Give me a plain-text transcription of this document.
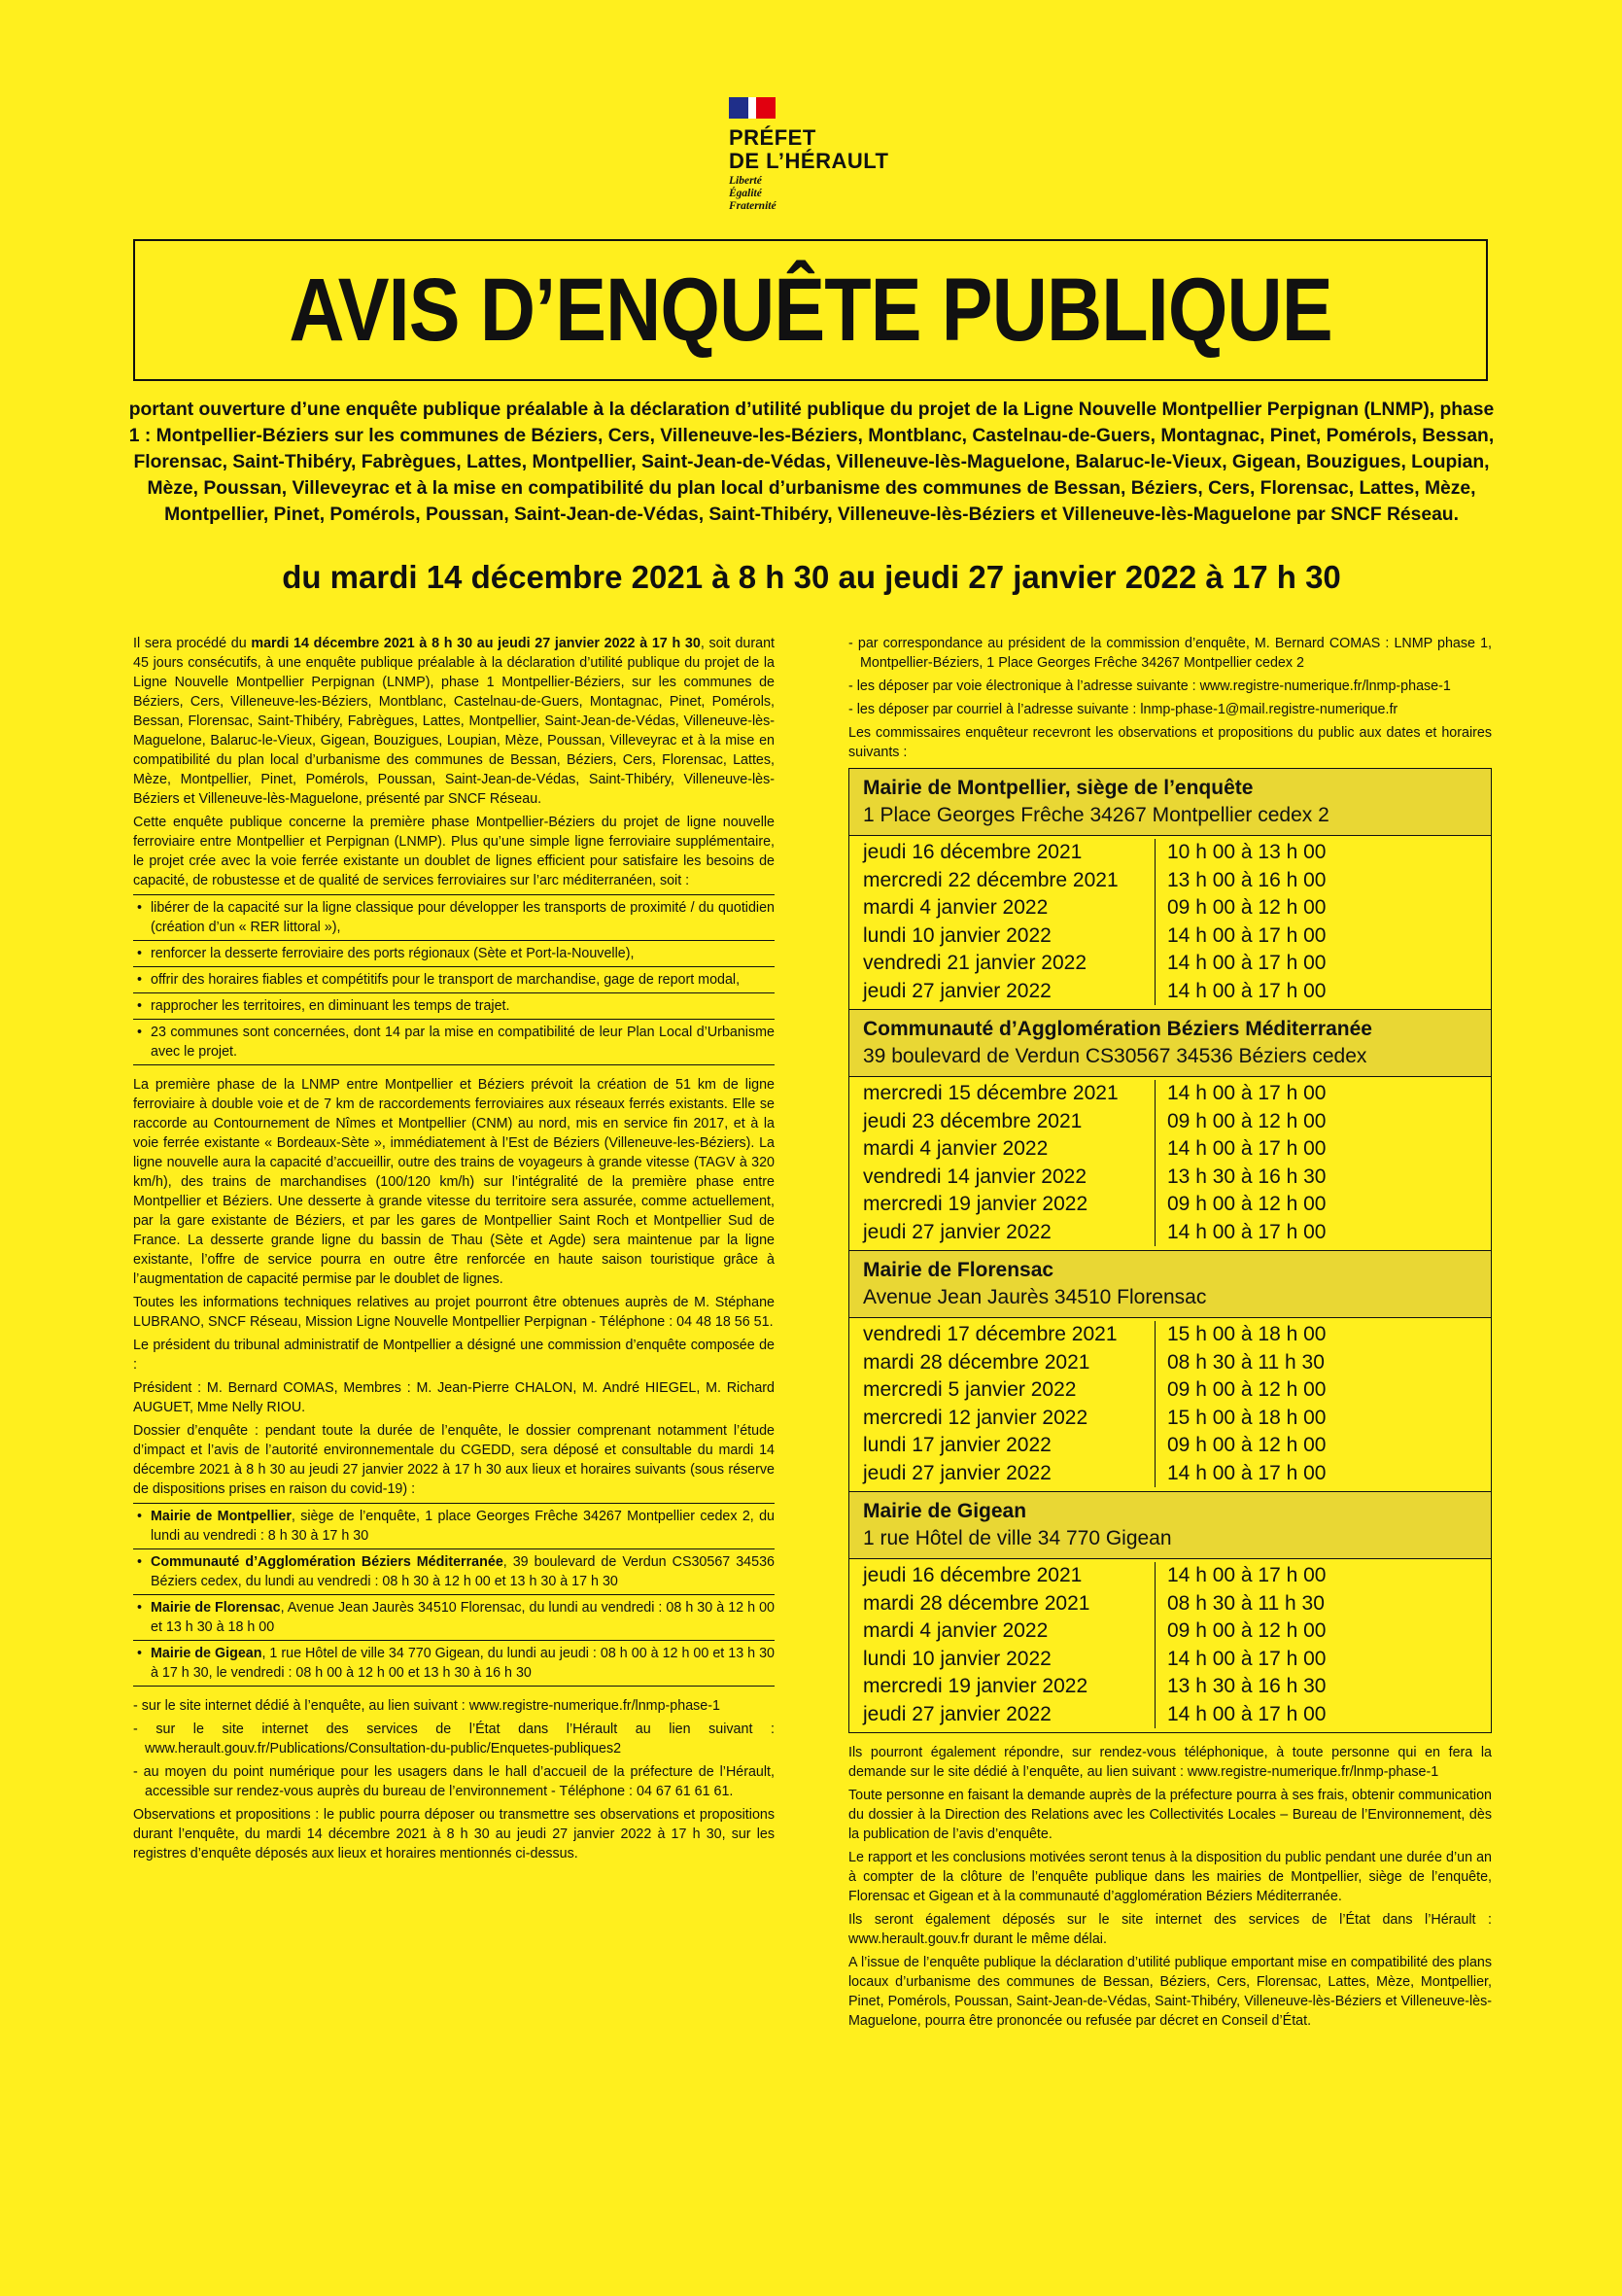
PRÉFET
DE L’HÉRAULT
Liberté
Égalité
Fraternité
AVIS D’ENQUÊTE PUBLIQUE
portant ouverture d’une enquête publique préalable à la déclaration d’utilité publique du projet de la Ligne Nouvelle Montpellier Perpignan (LNMP), phase 1 : Montpellier-Béziers sur les communes de Béziers, Cers, Villeneuve-les-Béziers, Montblanc, Castelnau-de-Guers, Montagnac, Pinet, Pomérols, Bessan, Florensac, Saint-Thibéry, Fabrègues, Lattes, Montpellier, Saint-Jean-de-Védas, Villeneuve-lès-Maguelone, Balaruc-le-Vieux, Gigean, Bouzigues, Loupian, Mèze, Poussan, Villeveyrac et à la mise en compatibilité du plan local d’urbanisme des communes de Bessan, Béziers, Cers, Florensac, Lattes, Mèze, Montpellier, Pinet, Pomérols, Poussan, Saint-Jean-de-Védas, Saint-Thibéry, Villeneuve-lès-Béziers et Villeneuve-lès-Maguelone par SNCF Réseau.
du mardi 14 décembre 2021 à 8 h 30 au jeudi 27 janvier 2022 à 17 h 30

Il sera procédé du mardi 14 décembre 2021 à 8 h 30 au jeudi 27 janvier 2022 à 17 h 30, soit durant 45 jours consécutifs, à une enquête publique préalable à la déclaration d’utilité publique du projet de la Ligne Nouvelle Montpellier Perpignan (LNMP), phase 1 Montpellier-Béziers, sur les communes de Béziers, Cers, Villeneuve-les-Béziers, Montblanc, Castelnau-de-Guers, Montagnac, Pinet, Pomérols, Bessan, Florensac, Saint-Thibéry, Fabrègues, Lattes, Montpellier, Saint-Jean-de-Védas, Villeneuve-lès-Maguelone, Balaruc-le-Vieux, Gigean, Bouzigues, Loupian, Mèze, Poussan, Villeveyrac et à la mise en compatibilité du plan local d’urbanisme des communes de Bessan, Béziers, Cers, Florensac, Lattes, Mèze, Montpellier, Pinet, Pomérols, Poussan, Saint-Jean-de-Védas, Saint-Thibéry, Villeneuve-lès-Béziers et Villeneuve-lès-Maguelone, présenté par SNCF Réseau.

Cette enquête publique concerne la première phase Montpellier-Béziers du projet de ligne nouvelle ferroviaire entre Montpellier et Perpignan (LNMP). Plus qu’une simple ligne ferroviaire supplémentaire, le projet crée avec la voie ferrée existante un doublet de lignes efficient pour satisfaire les besoins de capacité, de robustesse et de qualité de services ferroviaires sur l’arc méditerranéen, soit :

• libérer de la capacité sur la ligne classique pour développer les transports de proximité / du quotidien (création d’un « RER littoral »),
• renforcer la desserte ferroviaire des ports régionaux (Sète et Port-la-Nouvelle),
• offrir des horaires fiables et compétitifs pour le transport de marchandise, gage de report modal,
• rapprocher les territoires, en diminuant les temps de trajet.
• 23 communes sont concernées, dont 14 par la mise en compatibilité de leur Plan Local d’Urbanisme avec le projet.

La première phase de la LNMP entre Montpellier et Béziers prévoit la création de 51 km de ligne ferroviaire à double voie et de 7 km de raccordements ferroviaires aux réseaux ferrés existants. Elle se raccorde au Contournement de Nîmes et Montpellier (CNM) au nord, mis en service fin 2017, et à la voie ferrée existante « Bordeaux-Sète », immédiatement à l’Est de Béziers (Villeneuve-les-Béziers). La ligne nouvelle aura la capacité d’accueillir, outre des trains de voyageurs à grande vitesse (TAGV à 320 km/h), des trains de marchandises (100/120 km/h) sur l’intégralité de la première phase entre Montpellier et Béziers. Une desserte à grande vitesse du territoire sera assurée, comme actuellement, par la gare existante de Béziers, et par les gares de Montpellier Saint Roch et Montpellier Sud de France. La desserte grande ligne du bassin de Thau (Sète et Agde) sera maintenue par la ligne existante, l’offre de service pourra en outre être renforcée en haute saison touristique grâce à l’augmentation de capacité permise par le doublet de lignes.

Toutes les informations techniques relatives au projet pourront être obtenues auprès de M. Stéphane LUBRANO, SNCF Réseau, Mission Ligne Nouvelle Montpellier Perpignan - Téléphone : 04 48 18 56 51.

Le président du tribunal administratif de Montpellier a désigné une commission d’enquête composée de :

Président : M. Bernard COMAS, Membres : M. Jean-Pierre CHALON, M. André HIEGEL, M. Richard AUGUET, Mme Nelly RIOU.

Dossier d’enquête : pendant toute la durée de l’enquête, le dossier comprenant notamment l’étude d’impact et l’avis de l’autorité environnementale du CGEDD, sera déposé et consultable du mardi 14 décembre 2021 à 8 h 30 au jeudi 27 janvier 2022 à 17 h 30 aux lieux et horaires suivants (sous réserve de dispositions prises en raison du covid-19) :

• Mairie de Montpellier, siège de l’enquête, 1 place Georges Frêche 34267 Montpellier cedex 2, du lundi au vendredi : 8 h 30 à 17 h 30
• Communauté d’Agglomération Béziers Méditerranée, 39 boulevard de Verdun CS30567 34536 Béziers cedex, du lundi au vendredi : 08 h 30 à 12 h 00 et 13 h 30 à 17 h 30
• Mairie de Florensac, Avenue Jean Jaurès 34510 Florensac, du lundi au vendredi : 08 h 30 à 12 h 00 et 13 h 30 à 18 h 00
• Mairie de Gigean, 1 rue Hôtel de ville 34 770 Gigean, du lundi au jeudi : 08 h 00 à 12 h 00 et 13 h 30 à 17 h 30, le vendredi : 08 h 00 à 12 h 00 et 13 h 30 à 16 h 30

- sur le site internet dédié à l’enquête, au lien suivant : www.registre-numerique.fr/lnmp-phase-1

- sur le site internet des services de l’État dans l’Hérault au lien suivant : www.herault.gouv.fr/Publications/Consultation-du-public/Enquetes-publiques2

- au moyen du point numérique pour les usagers dans le hall d’accueil de la préfecture de l’Hérault, accessible sur rendez-vous auprès du bureau de l’environnement - Téléphone : 04 67 61 61 61.

Observations et propositions : le public pourra déposer ou transmettre ses observations et propositions durant l’enquête, du mardi 14 décembre 2021 à 8 h 30 au jeudi 27 janvier 2022 à 17 h 30, sur les registres d’enquête déposés aux lieux et horaires mentionnés ci-dessus.

- par correspondance au président de la commission d’enquête, M. Bernard COMAS : LNMP phase 1, Montpellier-Béziers, 1 Place Georges Frêche 34267 Montpellier cedex 2

- les déposer par voie électronique à l’adresse suivante : www.registre-numerique.fr/lnmp-phase-1

- les déposer par courriel à l’adresse suivante : lnmp-phase-1@mail.registre-numerique.fr

Les commissaires enquêteur recevront les observations et propositions du public aux dates et horaires suivants :

Mairie de Montpellier, siège de l’enquête
1 Place Georges Frêche 34267 Montpellier cedex 2
jeudi 16 décembre 2021
mercredi 22 décembre 2021
mardi 4 janvier 2022
lundi 10 janvier 2022
vendredi 21 janvier 2022
jeudi 27 janvier 2022
10 h 00 à 13 h 00
13 h 00 à 16 h 00
09 h 00 à 12 h 00
14 h 00 à 17 h 00
14 h 00 à 17 h 00
14 h 00 à 17 h 00
Communauté d’Agglomération Béziers Méditerranée
39 boulevard de Verdun CS30567 34536 Béziers cedex
mercredi 15 décembre 2021
jeudi 23 décembre 2021
mardi 4 janvier 2022
vendredi 14 janvier 2022
mercredi 19 janvier 2022
jeudi 27 janvier 2022
14 h 00 à 17 h 00
09 h 00 à 12 h 00
14 h 00 à 17 h 00
13 h 30 à 16 h 30
09 h 00 à 12 h 00
14 h 00 à 17 h 00
Mairie de Florensac
Avenue Jean Jaurès 34510 Florensac
vendredi 17 décembre 2021
mardi 28 décembre 2021
mercredi 5 janvier 2022
mercredi 12 janvier 2022
lundi 17 janvier 2022
jeudi 27 janvier 2022
15 h 00 à 18 h 00
08 h 30 à 11 h 30
09 h 00 à 12 h 00
15 h 00 à 18 h 00
09 h 00 à 12 h 00
14 h 00 à 17 h 00
Mairie de Gigean
1 rue Hôtel de ville 34 770 Gigean
jeudi 16 décembre 2021
mardi 28 décembre 2021
mardi 4 janvier 2022
lundi 10 janvier 2022
mercredi 19 janvier 2022
jeudi 27 janvier 2022
14 h 00 à 17 h 00
08 h 30 à 11 h 30
09 h 00 à 12 h 00
14 h 00 à 17 h 00
13 h 30 à 16 h 30
14 h 00 à 17 h 00

Ils pourront également répondre, sur rendez-vous téléphonique, à toute personne qui en fera la demande sur le site dédié à l’enquête, au lien suivant : www.registre-numerique.fr/lnmp-phase-1

Toute personne en faisant la demande auprès de la préfecture pourra à ses frais, obtenir communication du dossier à la Direction des Relations avec les Collectivités Locales – Bureau de l’Environnement, dès la publication de l’avis d’enquête.

Le rapport et les conclusions motivées seront tenus à la disposition du public pendant une durée d’un an à compter de la clôture de l’enquête publique dans les mairies de Montpellier, siège de l’enquête, Florensac et Gigean et à la communauté d’agglomération Béziers Méditerranée.

Ils seront également déposés sur le site internet des services de l’État dans l’Hérault : www.herault.gouv.fr durant le même délai.

A l’issue de l’enquête publique la déclaration d’utilité publique emportant mise en compatibilité des plans locaux d’urbanisme des communes de Bessan, Béziers, Cers, Florensac, Lattes, Mèze, Montpellier, Pinet, Pomérols, Poussan, Saint-Jean-de-Védas, Saint-Thibéry, Villeneuve-lès-Béziers et Villeneuve-lès-Maguelone, pourra être prononcée ou refusée par décret en Conseil d’État.
